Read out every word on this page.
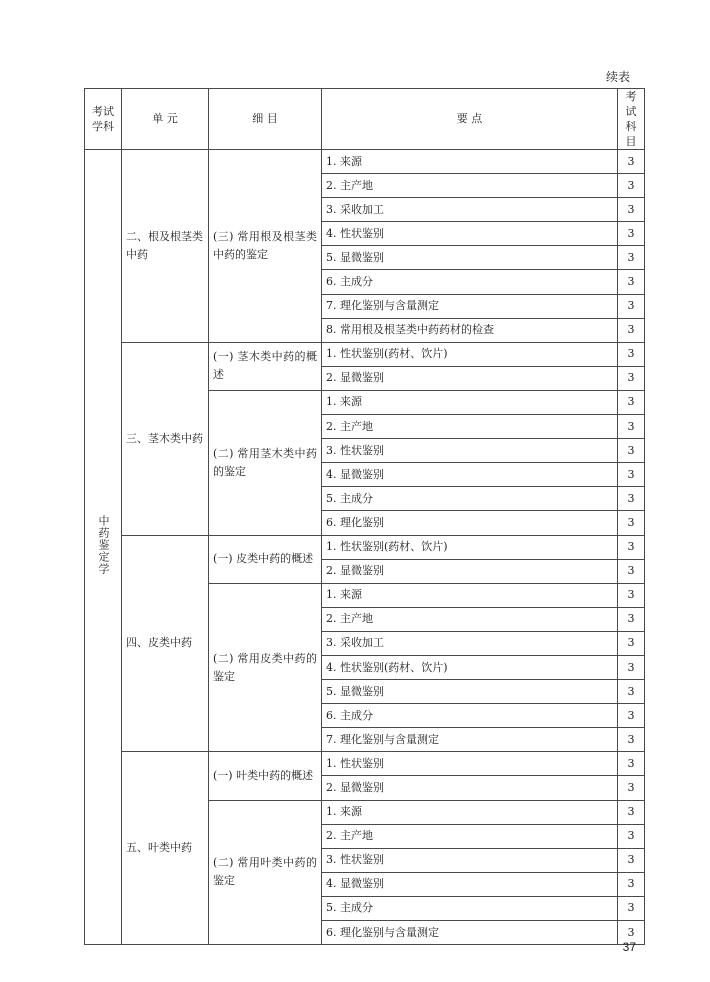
续表
考试学科	单 元	细 目	要 点	考试科目
中药鉴定学	二、根及根茎类中药	(三) 常用根及根茎类中药的鉴定	1. 来源	3
			2. 主产地	3
			3. 采收加工	3
			4. 性状鉴别	3
			5. 显微鉴别	3
			6. 主成分	3
			7. 理化鉴别与含量测定	3
			8. 常用根及根茎类中药药材的检查	3
	三、茎木类中药	(一) 茎木类中药的概述	1. 性状鉴别(药材、饮片)	3
			2. 显微鉴别	3
		(二) 常用茎木类中药的鉴定	1. 来源	3
			2. 主产地	3
			3. 性状鉴别	3
			4. 显微鉴别	3
			5. 主成分	3
			6. 理化鉴别	3
	四、皮类中药	(一) 皮类中药的概述	1. 性状鉴别(药材、饮片)	3
			2. 显微鉴别	3
		(二) 常用皮类中药的鉴定	1. 来源	3
			2. 主产地	3
			3. 采收加工	3
			4. 性状鉴别(药材、饮片)	3
			5. 显微鉴别	3
			6. 主成分	3
			7. 理化鉴别与含量测定	3
	五、叶类中药	(一) 叶类中药的概述	1. 性状鉴别	3
			2. 显微鉴别	3
		(二) 常用叶类中药的鉴定	1. 来源	3
			2. 主产地	3
			3. 性状鉴别	3
			4. 显微鉴别	3
			5. 主成分	3
			6. 理化鉴别与含量测定	3
37
